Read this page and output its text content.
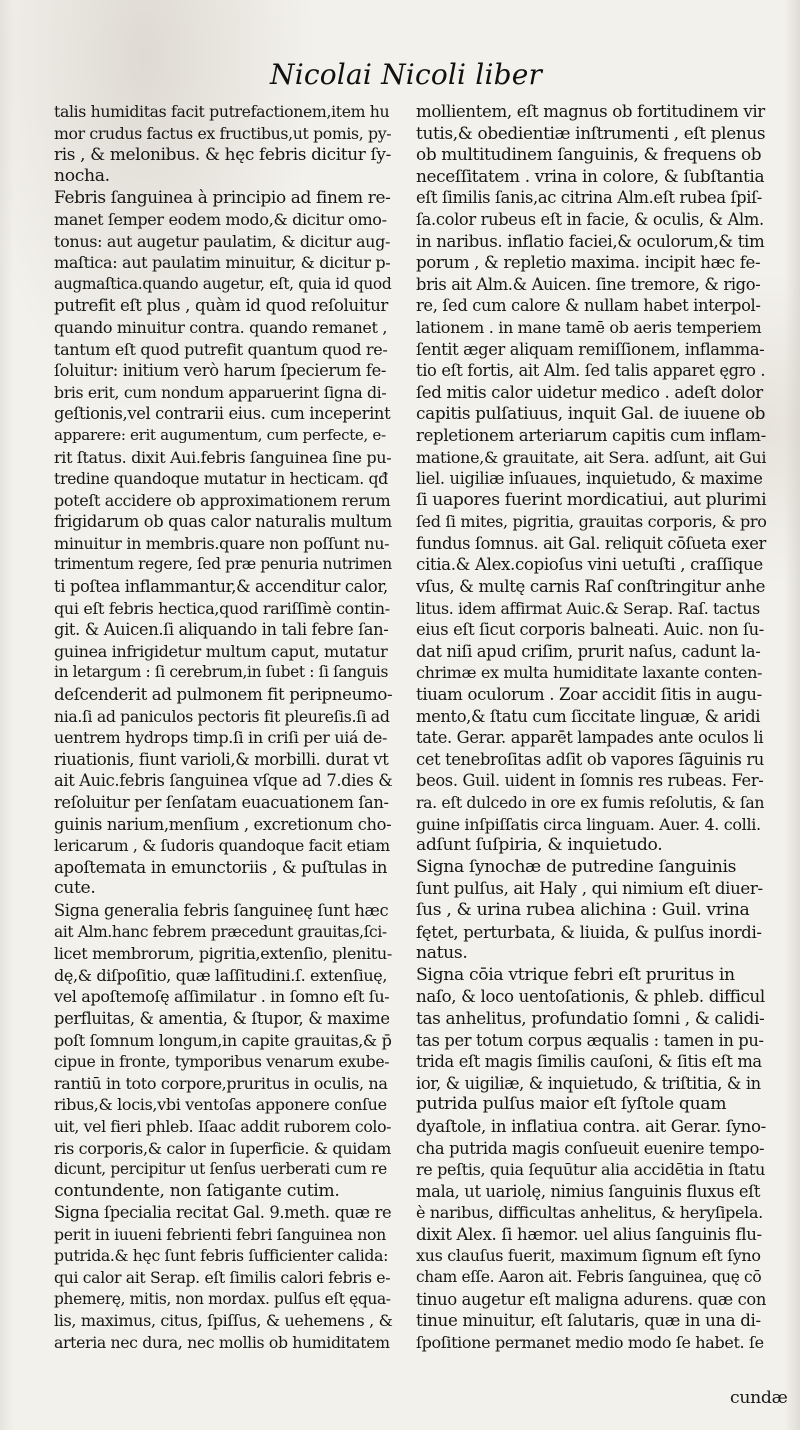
Nicolai Nicoli liber
talis humiditas facit putrefactionem,item hu
mor crudus factus ex fructibus,ut pomis, py-
ris , & melonibus. & hęc febris dicitur ſy-
nocha.
Febris ſanguinea à principio ad finem re-
manet ſemper eodem modo,& dicitur omo-
tonus: aut augetur paulatim, & dicitur aug-
maſtica: aut paulatim minuitur, & dicitur p-
augmaſtica.quando augetur, eſt, quia id quod
putrefit eſt plus , quàm id quod reſoluitur
quando minuitur contra. quando remanet ,
tantum eſt quod putrefit quantum quod re-
ſoluitur: initium verò harum ſpecierum fe-
bris erit, cum nondum apparuerint ſigna di-
geſtionis,vel contrarii eius. cum inceperint
apparere: erit augumentum, cum perfecte, e-
rit ſtatus. dixit Aui.febris ſanguinea ſine pu-
tredine quandoque mutatur in hecticam. qđ
poteſt accidere ob approximationem rerum
frigidarum ob quas calor naturalis multum
minuitur in membris.quare non poſſunt nu-
trimentum regere, ſed præ penuria nutrimen
ti poſtea inflammantur,& accenditur calor,
qui eſt febris hectica,quod rariſſimè contin-
git. & Auicen.ſi aliquando in tali febre ſan-
guinea infrigidetur multum caput, mutatur
in letargum : ſi cerebrum,in ſubet : ſi ſanguis
deſcenderit ad pulmonem fit peripneumo-
nia.ſi ad paniculos pectoris fit pleureſis.ſi ad
uentrem hydrops timp.ſi in criſi per uiá de-
riuationis, fiunt varioli,& morbilli. durat vt
ait Auic.febris ſanguinea vſque ad 7.dies &
reſoluitur per ſenſatam euacuationem ſan-
guinis narium,menſium , excretionum cho-
lericarum , & ſudoris quandoque facit etiam
apoſtemata in emunctoriis , & puſtulas in
cute.
Signa generalia febris ſanguineę ſunt hæc
ait Alm.hanc febrem præcedunt grauitas,ſci-
licet membrorum, pigritia,extenſio, plenitu-
dę,& diſpoſitio, quæ laſſitudini.ſ. extenſiuę,
vel apoſtemoſę aſſimilatur . in ſomno eſt ſu-
perfluitas, & amentia, & ſtupor, & maxime
poſt ſomnum longum,in capite grauitas,& p̄
cipue in fronte, tymporibus venarum exube-
rantiū in toto corpore,pruritus in oculis, na
ribus,& locis,vbi ventoſas apponere conſue
uit, vel fieri phleb. Iſaac addit ruborem colo-
ris corporis,& calor in ſuperficie. & quidam
dicunt, percipitur ut ſenſus uerberati cum re
contundente, non ſatigante cutim.
Signa ſpecialia recitat Gal. 9.meth. quæ re
perit in iuueni febrienti febri ſanguinea non
putrida.& hęc ſunt febris ſufficienter calida:
qui calor ait Serap. eſt ſimilis calori febris e-
phemerę, mitis, non mordax. pulſus eſt ęqua-
lis, maximus, citus, ſpiſſus, & uehemens , &
arteria nec dura, nec mollis ob humiditatem
mollientem, eſt magnus ob fortitudinem vir
tutis,& obedientiæ inſtrumenti , eſt plenus
ob multitudinem ſanguinis, & frequens ob
neceſſitatem . vrina in colore, & ſubſtantia
eſt ſimilis ſanis,ac citrina Alm.eſt rubea ſpiſ-
ſa.color rubeus eſt in facie, & oculis, & Alm.
in naribus. inflatio faciei,& oculorum,& tim
porum , & repletio maxima. incipit hæc fe-
bris ait Alm.& Auicen. ſine tremore, & rigo-
re, ſed cum calore & nullam habet interpol-
lationem . in mane tamē ob aeris temperiem
ſentit æger aliquam remiſſionem, inflamma-
tio eſt fortis, ait Alm. ſed talis apparet ęgro .
ſed mitis calor uidetur medico . adeſt dolor
capitis pulſatiuus, inquit Gal. de iuuene ob
repletionem arteriarum capitis cum inflam-
matione,& grauitate, ait Sera. adſunt, ait Gui
liel. uigiliæ inſuaues, inquietudo, & maxime
ſi uapores fuerint mordicatiui, aut plurimi
ſed ſi mites, pigritia, grauitas corporis, & pro
fundus ſomnus. ait Gal. reliquit cōſueta exer
citia.& Alex.copioſus vini uetuſti , craſſique
vſus, & multę carnis Raſ conſtringitur anhe
litus. idem affirmat Auic.& Serap. Raſ. tactus
eius eſt ſicut corporis balneati. Auic. non ſu-
dat niſi apud criſim, prurit naſus, cadunt la-
chrimæ ex multa humiditate laxante conten-
tiuam oculorum . Zoar accidit ſitis in augu-
mento,& ſtatu cum ſiccitate linguæ, & aridi
tate. Gerar. apparēt lampades ante oculos li
cet tenebroſitas adſit ob vapores ſāguinis ru
beos. Guil. uident in ſomnis res rubeas. Fer-
ra. eſt dulcedo in ore ex fumis reſolutis, & ſan
guine inſpiſſatis circa linguam. Auer. 4. colli.
adſunt ſuſpiria, & inquietudo.
Signa ſynochæ de putredine ſanguinis
ſunt pulſus, ait Haly , qui nimium eſt diuer-
ſus , & urina rubea alichina : Guil. vrina
fętet, perturbata, & liuida, & pulſus inordi-
natus.
Signa cōia vtrique febri eſt pruritus in
naſo, & loco uentoſationis, & phleb. difficul
tas anhelitus, profundatio ſomni , & calidi-
tas per totum corpus æqualis : tamen in pu-
trida eſt magis ſimilis cauſoni, & ſitis eſt ma
ior, & uigiliæ, & inquietudo, & triſtitia, & in
putrida pulſus maior eſt ſyſtole quam
dyaſtole, in inflatiua contra. ait Gerar. ſyno-
cha putrida magis conſueuit euenire tempo-
re peſtis, quia ſequūtur alia accidētia in ſtatu
mala, ut uariolę, nimius ſanguinis fluxus eſt
è naribus, difficultas anhelitus, & heryſipela.
dixit Alex. ſi hæmor. uel alius ſanguinis flu-
xus clauſus fuerit, maximum ſignum eſt ſyno
cham eſſe. Aaron ait. Febris ſanguinea, quę cō
tinuo augetur eſt maligna adurens. quæ con
tinue minuitur, eſt ſalutaris, quæ in una di-
ſpoſitione permanet medio modo ſe habet. ſe
cundæ
